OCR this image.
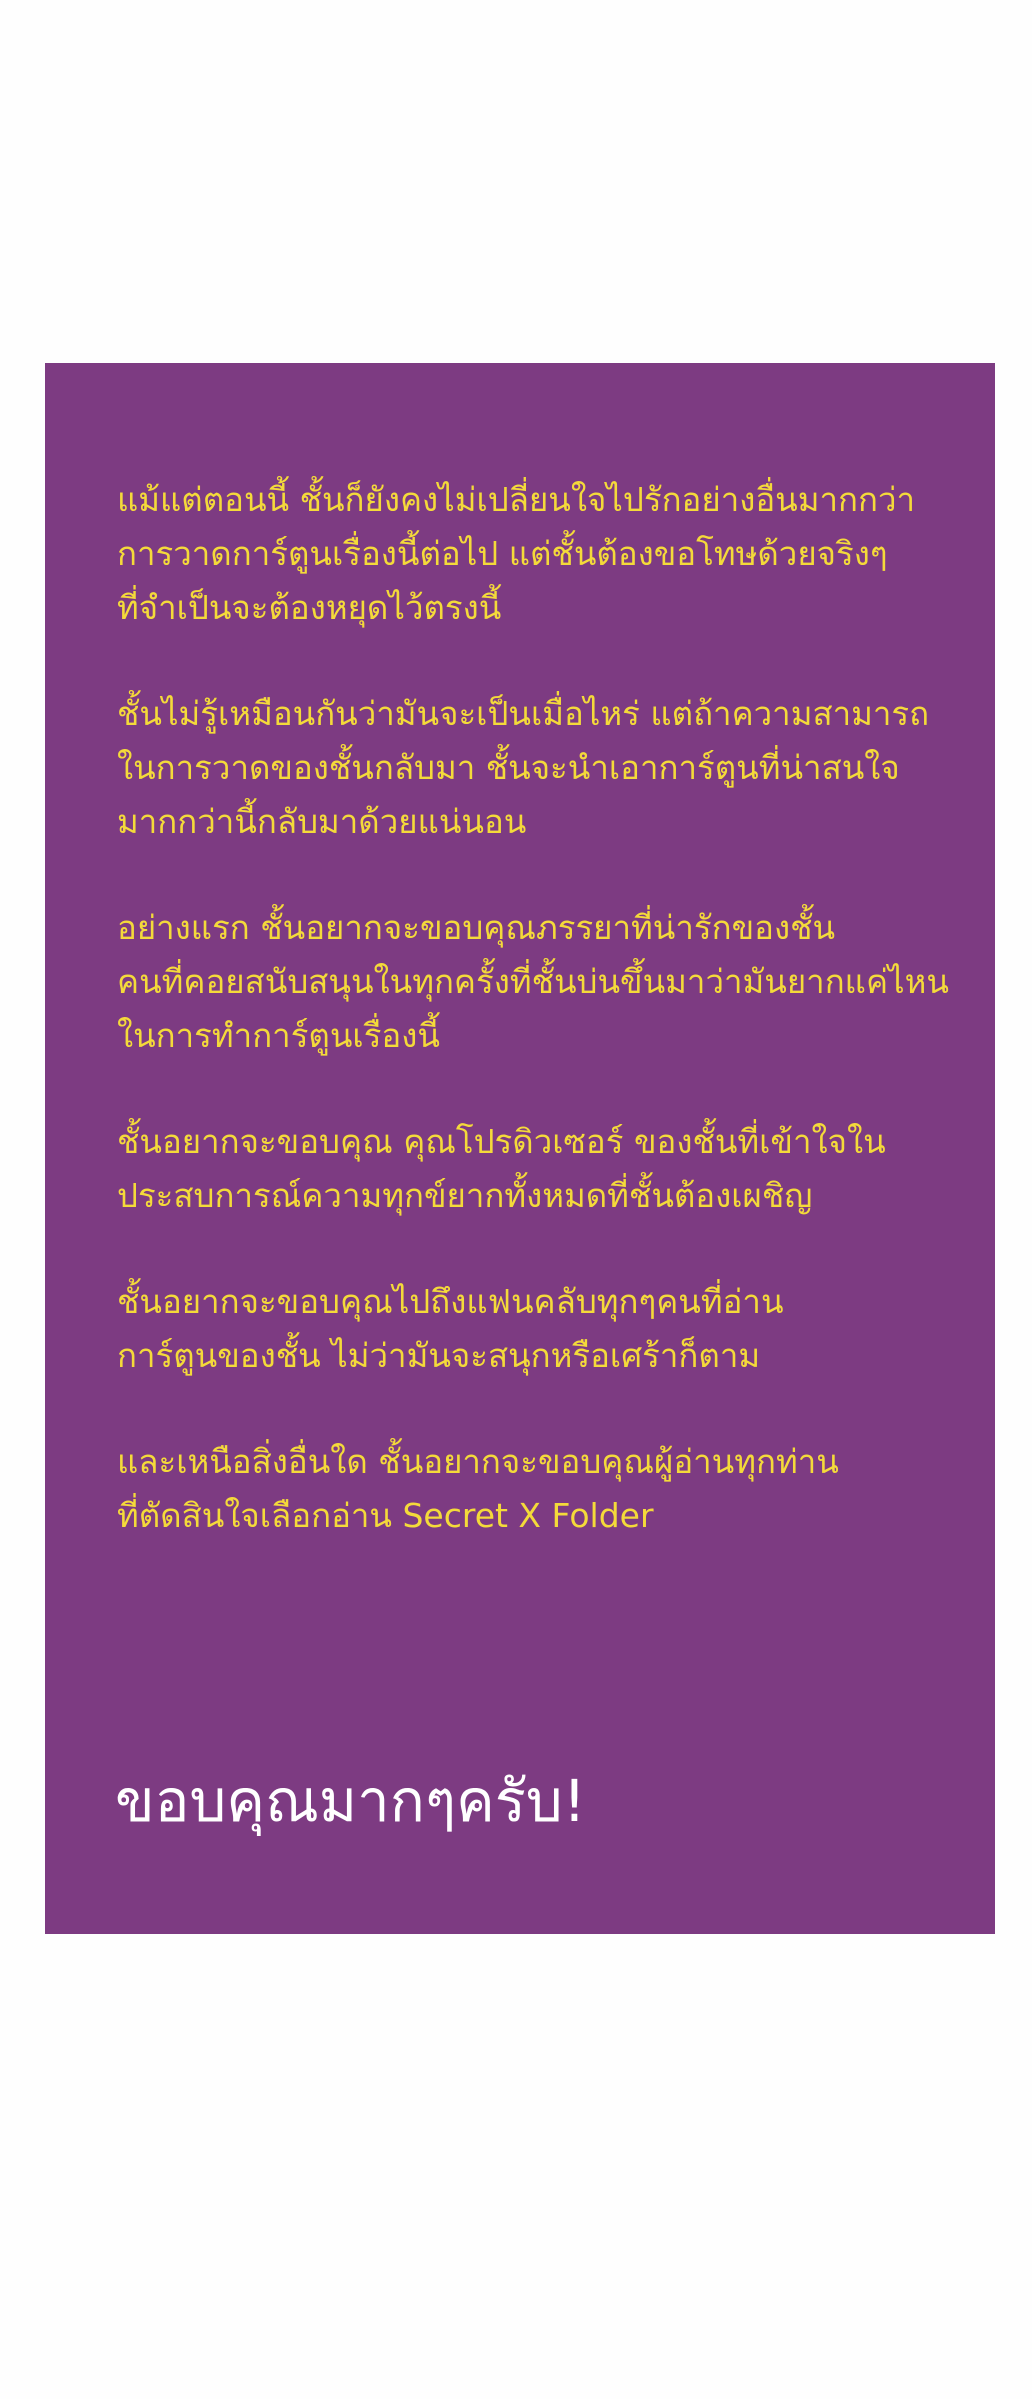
แม้แต่ตอนนี้ ชั้นก็ยังคงไม่เปลี่ยนใจไปรักอย่างอื่นมากกว่า
การวาดการ์ตูนเรื่องนี้ต่อไป แต่ชั้นต้องขอโทษด้วยจริงๆ
ที่จำเป็นจะต้องหยุดไว้ตรงนี้
ชั้นไม่รู้เหมือนกันว่ามันจะเป็นเมื่อไหร่ แต่ถ้าความสามารถ
ในการวาดของชั้นกลับมา ชั้นจะนำเอาการ์ตูนที่น่าสนใจ
มากกว่านี้กลับมาด้วยแน่นอน
อย่างแรก ชั้นอยากจะขอบคุณภรรยาที่น่ารักของชั้น
คนที่คอยสนับสนุนในทุกครั้งที่ชั้นบ่นขึ้นมาว่ามันยากแค่ไหน
ในการทำการ์ตูนเรื่องนี้
ชั้นอยากจะขอบคุณ คุณโปรดิวเซอร์ ของชั้นที่เข้าใจใน
ประสบการณ์ความทุกข์ยากทั้งหมดที่ชั้นต้องเผชิญ
ชั้นอยากจะขอบคุณไปถึงแฟนคลับทุกๆคนที่อ่าน
การ์ตูนของชั้น ไม่ว่ามันจะสนุกหรือเศร้าก็ตาม
และเหนือสิ่งอื่นใด ชั้นอยากจะขอบคุณผู้อ่านทุกท่าน
ที่ตัดสินใจเลือกอ่าน Secret X Folder
ขอบคุณมากๆครับ!
